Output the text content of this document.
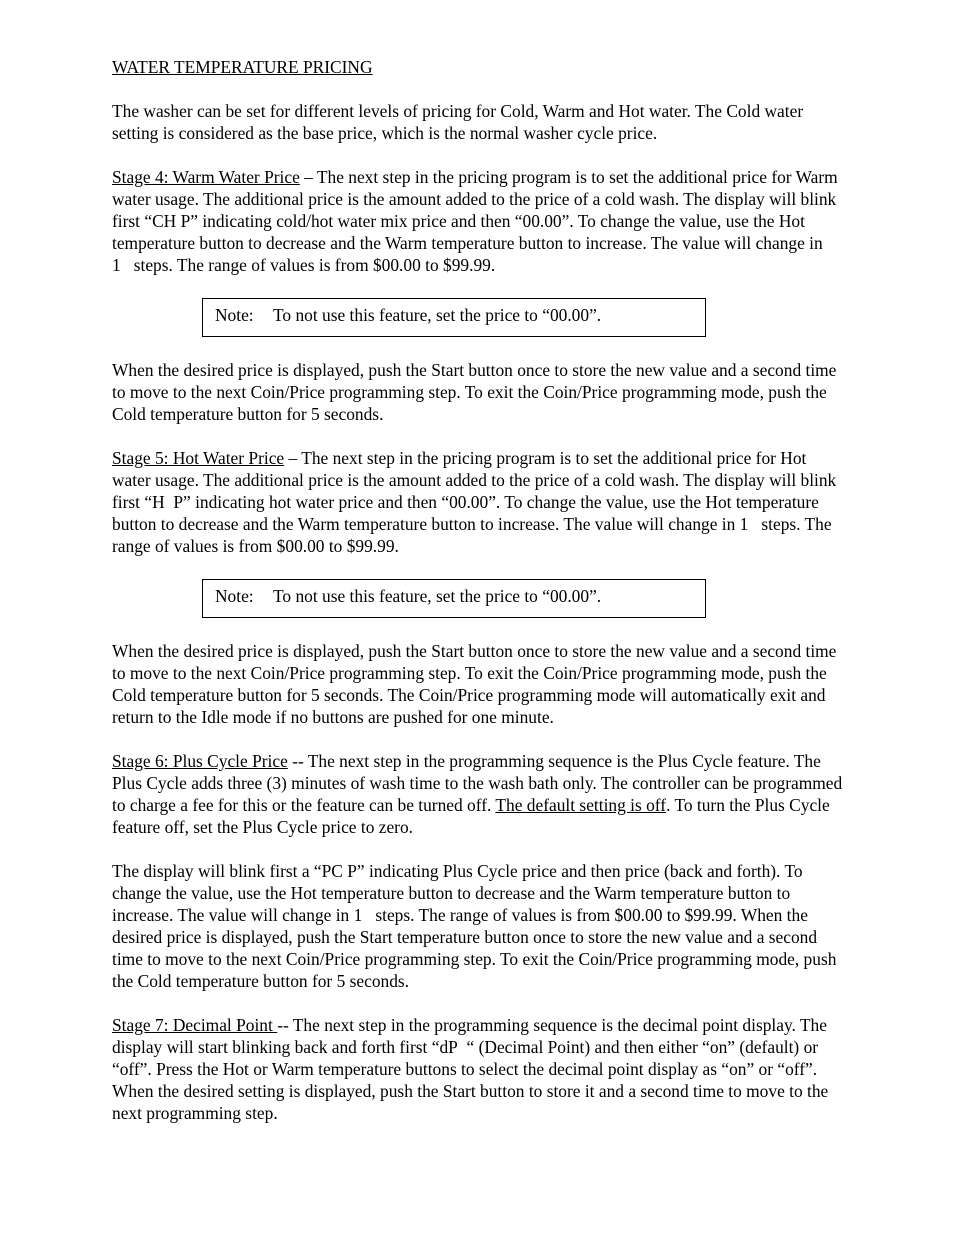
WATER TEMPERATURE PRICING

The washer can be set for different levels of pricing for Cold, Warm and Hot water. The Cold water setting is considered as the base price, which is the normal washer cycle price.

Stage 4: Warm Water Price – The next step in the pricing program is to set the additional price for Warm water usage. The additional price is the amount added to the price of a cold wash. The display will blink first “CH P” indicating cold/hot water mix price and then “00.00”. To change the value, use the Hot temperature button to decrease and the Warm temperature button to increase. The value will change in 1   steps. The range of values is from $00.00 to $99.99.

Note: To not use this feature, set the price to “00.00”.

When the desired price is displayed, push the Start button once to store the new value and a second time to move to the next Coin/Price programming step. To exit the Coin/Price programming mode, push the Cold temperature button for 5 seconds.

Stage 5: Hot Water Price – The next step in the pricing program is to set the additional price for Hot water usage. The additional price is the amount added to the price of a cold wash. The display will blink first “H  P” indicating hot water price and then “00.00”. To change the value, use the Hot temperature button to decrease and the Warm temperature button to increase. The value will change in 1   steps. The range of values is from $00.00 to $99.99.

Note: To not use this feature, set the price to “00.00”.

When the desired price is displayed, push the Start button once to store the new value and a second time to move to the next Coin/Price programming step. To exit the Coin/Price programming mode, push the Cold temperature button for 5 seconds. The Coin/Price programming mode will automatically exit and return to the Idle mode if no buttons are pushed for one minute.

Stage 6: Plus Cycle Price -- The next step in the programming sequence is the Plus Cycle feature. The Plus Cycle adds three (3) minutes of wash time to the wash bath only. The controller can be programmed to charge a fee for this or the feature can be turned off. The default setting is off. To turn the Plus Cycle feature off, set the Plus Cycle price to zero.

The display will blink first a “PC P” indicating Plus Cycle price and then price (back and forth). To change the value, use the Hot temperature button to decrease and the Warm temperature button to increase. The value will change in 1   steps. The range of values is from $00.00 to $99.99. When the desired price is displayed, push the Start temperature button once to store the new value and a second time to move to the next Coin/Price programming step. To exit the Coin/Price programming mode, push the Cold temperature button for 5 seconds.

Stage 7: Decimal Point -- The next step in the programming sequence is the decimal point display. The display will start blinking back and forth first “dP  “ (Decimal Point) and then either “on” (default) or “off”. Press the Hot or Warm temperature buttons to select the decimal point display as “on” or “off”. When the desired setting is displayed, push the Start button to store it and a second time to move to the next programming step.
